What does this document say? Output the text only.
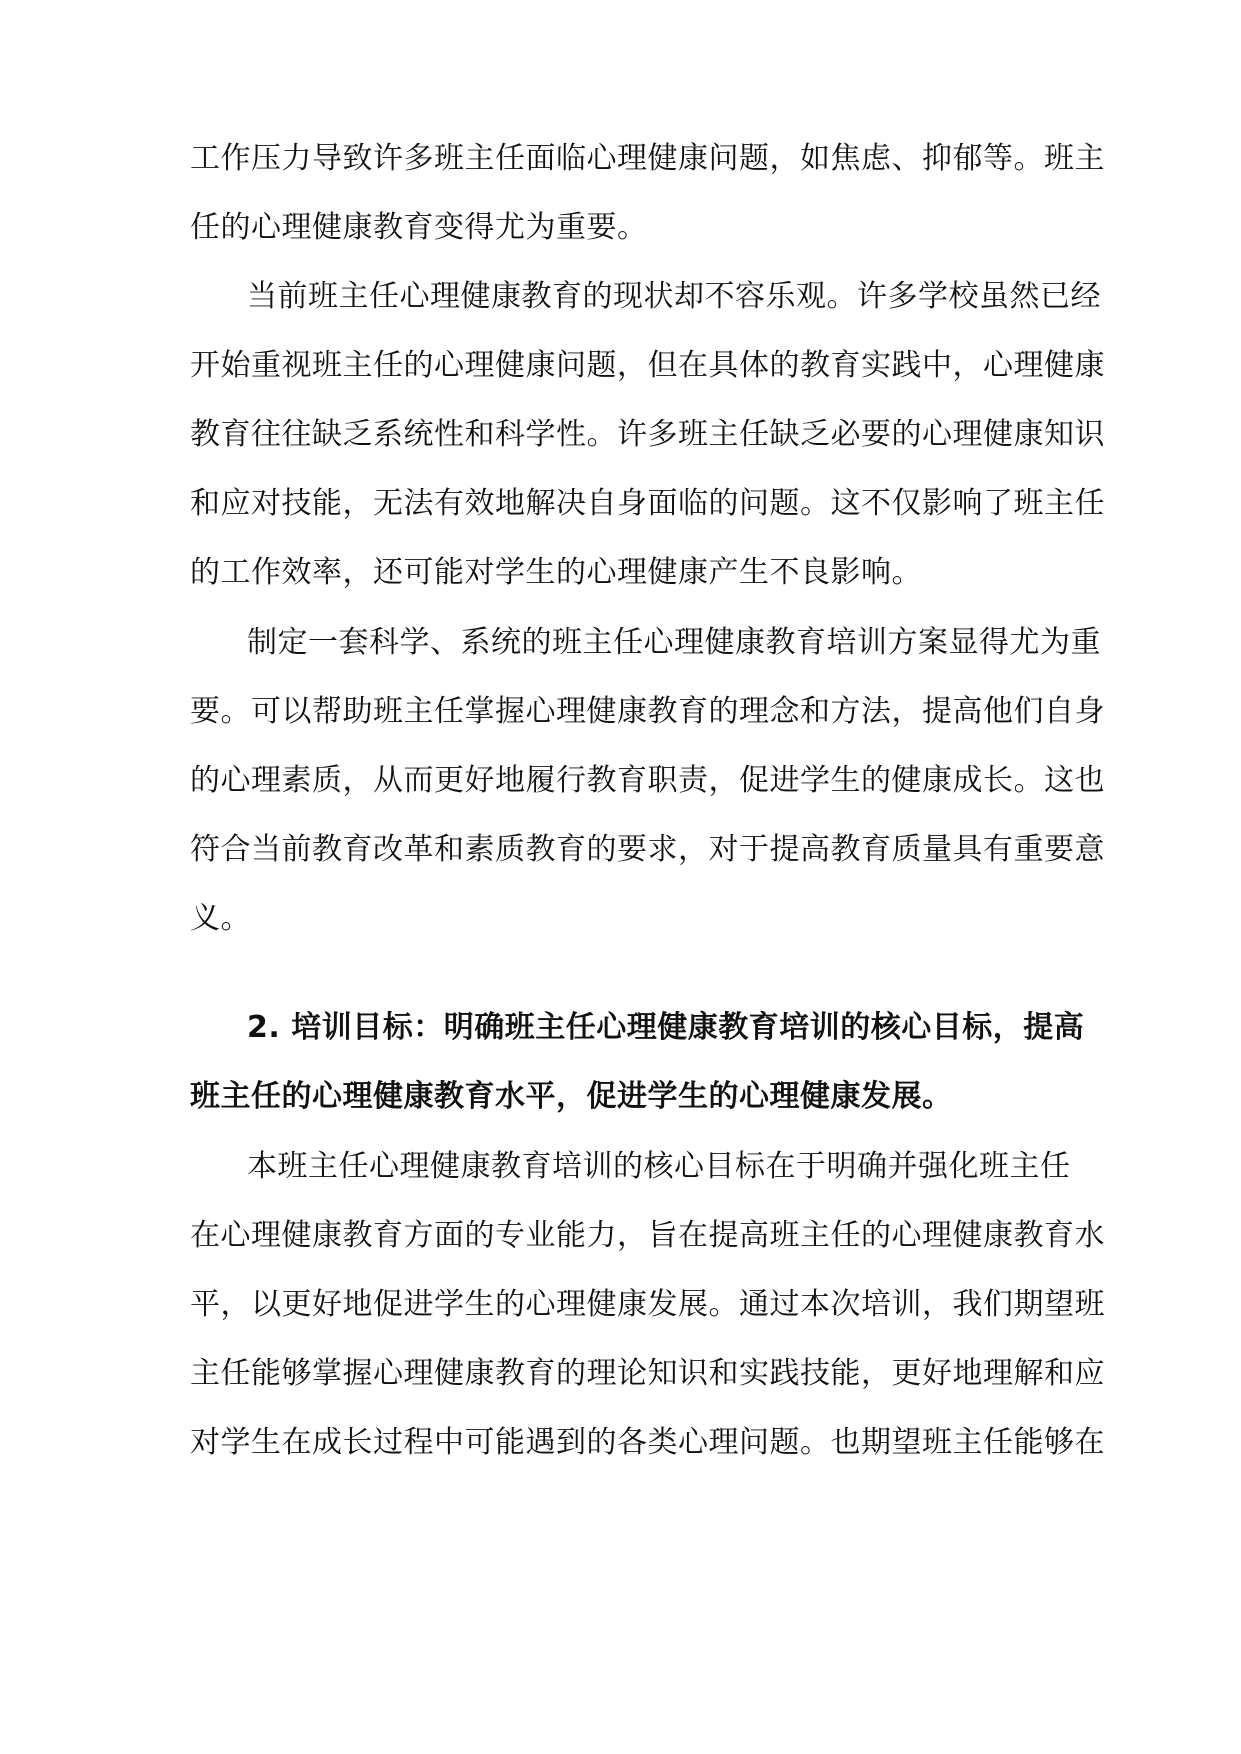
工作压力导致许多班主任面临心理健康问题，如焦虑、抑郁等。班主
任的心理健康教育变得尤为重要。
当前班主任心理健康教育的现状却不容乐观。许多学校虽然已经
开始重视班主任的心理健康问题，但在具体的教育实践中，心理健康
教育往往缺乏系统性和科学性。许多班主任缺乏必要的心理健康知识
和应对技能，无法有效地解决自身面临的问题。这不仅影响了班主任
的工作效率，还可能对学生的心理健康产生不良影响。
制定一套科学、系统的班主任心理健康教育培训方案显得尤为重
要。可以帮助班主任掌握心理健康教育的理念和方法，提高他们自身
的心理素质，从而更好地履行教育职责，促进学生的健康成长。这也
符合当前教育改革和素质教育的要求，对于提高教育质量具有重要意
义。
2. 培训目标：明确班主任心理健康教育培训的核心目标，提高
班主任的心理健康教育水平，促进学生的心理健康发展。
本班主任心理健康教育培训的核心目标在于明确并强化班主任
在心理健康教育方面的专业能力，旨在提高班主任的心理健康教育水
平，以更好地促进学生的心理健康发展。通过本次培训，我们期望班
主任能够掌握心理健康教育的理论知识和实践技能，更好地理解和应
对学生在成长过程中可能遇到的各类心理问题。也期望班主任能够在
